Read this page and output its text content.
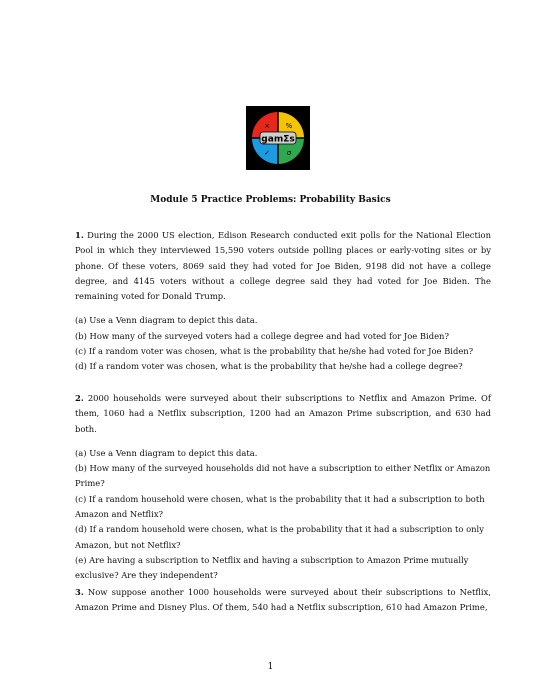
× %
✓ σ
gamΣs
Module 5 Practice Problems: Probability Basics

1. During the 2000 US election, Edison Research conducted exit polls for the National Election Pool in which they interviewed 15,590 voters outside polling places or early-voting sites or by phone. Of these voters, 8069 said they had voted for Joe Biden, 9198 did not have a college degree, and 4145 voters without a college degree said they had voted for Joe Biden. The remaining voted for Donald Trump.

(a) Use a Venn diagram to depict this data.
(b) How many of the surveyed voters had a college degree and had voted for Joe Biden?
(c) If a random voter was chosen, what is the probability that he/she had voted for Joe Biden?
(d) If a random voter was chosen, what is the probability that he/she had a college degree?

2. 2000 households were surveyed about their subscriptions to Netflix and Amazon Prime. Of them, 1060 had a Netflix subscription, 1200 had an Amazon Prime subscription, and 630 had both.

(a) Use a Venn diagram to depict this data.
(b) How many of the surveyed households did not have a subscription to either Netflix or Amazon Prime?
(c) If a random household were chosen, what is the probability that it had a subscription to both Amazon and Netflix?
(d) If a random household were chosen, what is the probability that it had a subscription to only Amazon, but not Netflix?
(e) Are having a subscription to Netflix and having a subscription to Amazon Prime mutually exclusive? Are they independent?

3. Now suppose another 1000 households were surveyed about their subscriptions to Netflix, Amazon Prime and Disney Plus. Of them, 540 had a Netflix subscription, 610 had Amazon Prime,

1
